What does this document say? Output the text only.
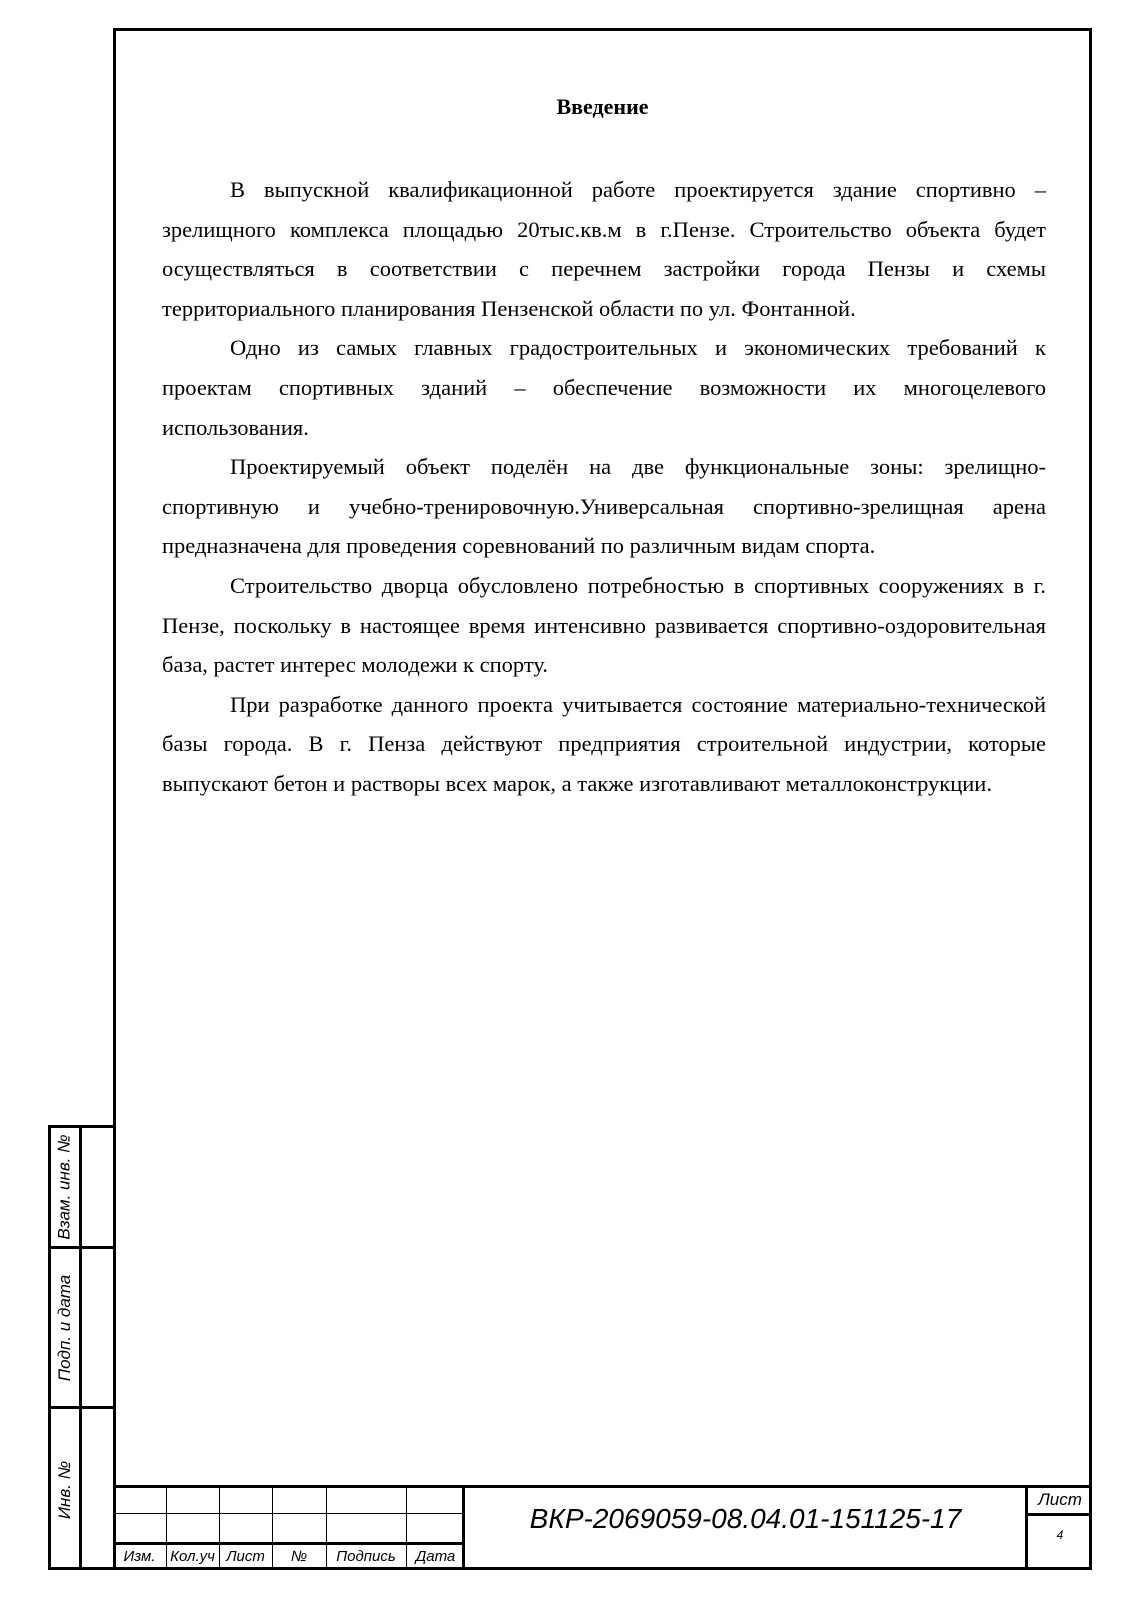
Введение

В выпускной квалификационной работе проектируется здание спортивно – зрелищного комплекса площадью 20тыс.кв.м в г.Пензе. Строительство объекта будет осуществляться в соответствии с перечнем застройки города Пензы и схемы территориального планирования Пензенской области по ул. Фонтанной.

Одно из самых главных градостроительных и экономических требований к проектам спортивных зданий – обеспечение возможности их многоцелевого использования.

Проектируемый объект поделён на две функциональные зоны: зрелищно-спортивную и учебно-тренировочную.Универсальная спортивно-зрелищная арена предназначена для проведения соревнований по различным видам спорта.

Строительство дворца обусловлено потребностью в спортивных сооружениях в г. Пензе, поскольку в настоящее время интенсивно развивается спортивно-оздоровительная база, растет интерес молодежи к спорту.

При разработке данного проекта учитывается состояние материально-технической базы города. В г. Пенза действуют предприятия строительной индустрии, которые выпускают бетон и растворы всех марок, а также изготавливают металлоконструкции.

Взам. инв. №
Подп. и дата
Инв. №
Изм. Кол.уч Лист	№	Подпись	Дата
ВКР-2069059-08.04.01-151125-17
Лист
4
